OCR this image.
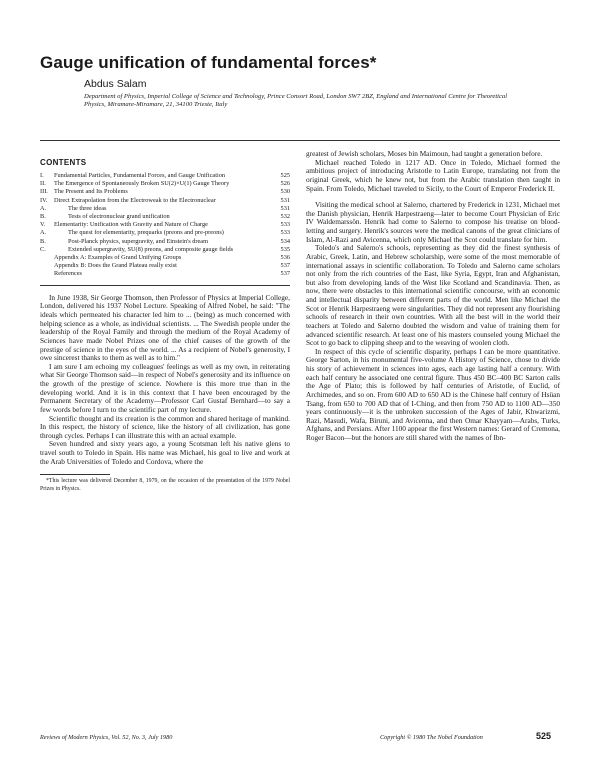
Gauge unification of fundamental forces*
Abdus Salam
Department of Physics, Imperial College of Science and Technology, Prince Consort Road, London SW7 2BZ, England and International Centre for Theoretical Physics, Miramare-Miramare, 21, 34100 Trieste, Italy
CONTENTS
I.	Fundamental Particles, Fundamental Forces, and Gauge Unification	525
II.	The Emergence of Spontaneously Broken SU(2)×U(1) Gauge Theory	526
III. The Present and Its Problems	530
IV.	Direct Extrapolation from the Electroweak to the Electronuclear	531
A.	The three ideas	531
B.	Tests of electronuclear grand unification	532
V.	Elementarity: Unification with Gravity and Nature of Charge	533
A.	The quest for elementarity, prequarks (preons and pre-preons)	533
B.	Post-Planck physics, supergravity, and Einstein's dream	534
C.	Extended supergravity, SU(8) preons, and composite gauge fields	535
Appendix A: Examples of Grand Unifying Groups	536
Appendix B: Does the Grand Plateau really exist	537
References	537

In June 1938, Sir George Thomson, then Professor of Physics at Imperial College, London, delivered his 1937 Nobel Lecture. Speaking of Alfred Nobel, he said: "The ideals which permeated his character led him to ... (being) as much concerned with helping science as a whole, as individual scientists. ... The Swedish people under the leadership of the Royal Family and through the medium of the Royal Academy of Sciences have made Nobel Prizes one of the chief causes of the growth of the prestige of science in the eyes of the world. ... As a recipient of Nobel's generosity, I owe sincerest thanks to them as well as to him."

I am sure I am echoing my colleagues' feelings as well as my own, in reiterating what Sir George Thomson said—in respect of Nobel's generosity and its influence on the growth of the prestige of science. Nowhere is this more true than in the developing world. And it is in this context that I have been encouraged by the Permanent Secretary of the Academy—Professor Carl Gustaf Bernhard—to say a few words before I turn to the scientific part of my lecture.

Scientific thought and its creation is the common and shared heritage of mankind. In this respect, the history of science, like the history of all civilization, has gone through cycles. Perhaps I can illustrate this with an actual example.

Seven hundred and sixty years ago, a young Scotsman left his native glens to travel south to Toledo in Spain. His name was Michael, his goal to live and work at the Arab Universities of Toledo and Cordova, where the

*This lecture was delivered December 8, 1979, on the occasion of the presentation of the 1979 Nobel Prizes in Physics.

greatest of Jewish scholars, Moses bin Maimoun, had taught a generation before.

Michael reached Toledo in 1217 AD. Once in Toledo, Michael formed the ambitious project of introducing Aristotle to Latin Europe, translating not from the original Greek, which he knew not, but from the Arabic translation then taught in Spain. From Toledo, Michael traveled to Sicily, to the Court of Emperor Frederick II.

Visiting the medical school at Salerno, chartered by Frederick in 1231, Michael met the Danish physician, Henrik Harpestraeng—later to become Court Physician of Eric IV Waldemarssön. Henrik had come to Salerno to compose his treatise on blood-letting and surgery. Henrik's sources were the medical canons of the great clinicians of Islam, Al-Razi and Avicenna, which only Michael the Scot could translate for him.

Toledo's and Salerno's schools, representing as they did the finest synthesis of Arabic, Greek, Latin, and Hebrew scholarship, were some of the most memorable of international assays in scientific collaboration. To Toledo and Salerno came scholars not only from the rich countries of the East, like Syria, Egypt, Iran and Afghanistan, but also from developing lands of the West like Scotland and Scandinavia. Then, as now, there were obstacles to this international scientific concourse, with an economic and intellectual disparity between different parts of the world. Men like Michael the Scot or Henrik Harpestraeng were singularities. They did not represent any flourishing schools of research in their own countries. With all the best will in the world their teachers at Toledo and Salerno doubted the wisdom and value of training them for advanced scientific research. At least one of his masters counseled young Michael the Scot to go back to clipping sheep and to the weaving of woolen cloth.

In respect of this cycle of scientific disparity, perhaps I can be more quantitative. George Sarton, in his monumental five-volume A History of Science, chose to divide his story of achievement in sciences into ages, each age lasting half a century. With each half century he associated one central figure. Thus 450 BC–400 BC Sarton calls the Age of Plato; this is followed by half centuries of Aristotle, of Euclid, of Archimedes, and so on. From 600 AD to 650 AD is the Chinese half century of Hsüan Tsang, from 650 to 700 AD that of I-Ching, and then from 750 AD to 1100 AD—350 years continuously—it is the unbroken succession of the Ages of Jabir, Khwarizmi, Razi, Masudi, Wafa, Biruni, and Avicenna, and then Omar Khayyam—Arabs, Turks, Afghans, and Persians. After 1100 appear the first Western names: Gerard of Cremona, Roger Bacon—but the honors are still shared with the names of Ibn-

Reviews of Modern Physics, Vol. 52, No. 3, July 1980	Copyright © 1980 The Nobel Foundation	525
